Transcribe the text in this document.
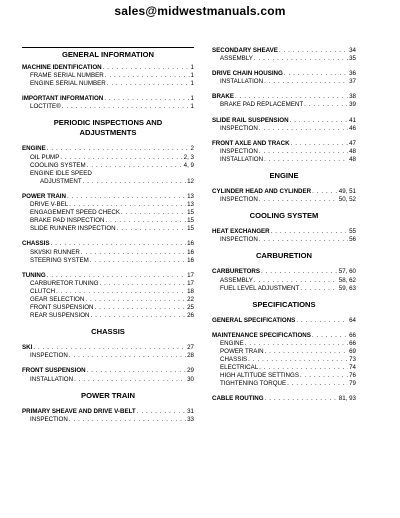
sales@midwestmanuals.com
GENERAL INFORMATION
MACHINE IDENTIFICATION . . .	1
FRAME SERIAL NUMBER . . .	1
ENGINE SERIAL NUMBER . . .	1
IMPORTANT INFORMATION . . .	1
LOCTITE® . . .	1
PERIODIC INSPECTIONS AND
ADJUSTMENTS
ENGINE . . .	2
OIL PUMP . . .	2, 3
COOLING SYSTEM . . .	4, 9
ENGINE IDLE SPEED
ADJUSTMENT . . .	12
POWER TRAIN . . .	13
DRIVE V-BEL . . .	13
ENGAGEMENT SPEED CHECK . . .	15
BRAKE PAD INSPECTION . . .	15
SLIDE RUNNER INSPECTION . . .	15
CHASSIS . . .	16
SKI/SKI RUNNER . . .	16
STEERING SYSTEM . . .	16
TUNING . . .	17
CARBURETOR TUNING . . .	17
CLUTCH . . .	18
GEAR SELECTION . . .	22
FRONT SUSPENSION . . .	25
REAR SUSPENSION . . .	26
CHASSIS
SKI . . .	27
INSPECTION . . .	28
FRONT SUSPENSION . . .	29
INSTALLATION . . .	30
POWER TRAIN
PRIMARY SHEAVE AND DRIVE V-BELT . . .	31
INSPECTION . . .	33
SECONDARY SHEAVE . . .	34
ASSEMBLY . . .	35
DRIVE CHAIN HOUSING . . .	36
INSTALLATION . . .	37
BRAKE . . .	38
BRAKE PAD REPLACEMENT . . .	39
SLIDE RAIL SUSPENSION . . .	41
INSPECTION . . .	46
FRONT AXLE AND TRACK . . .	47
INSPECTION . . .	48
INSTALLATION . . .	48
ENGINE
CYLINDER HEAD AND CYLINDER . . .	49, 51
INSPECTION . . .	50, 52
COOLING SYSTEM
HEAT EXCHANGER . . .	55
INSPECTION . . .	56
CARBURETION
CARBURETORS . . .	57, 60
ASSEMBLY . . .	58, 62
FUEL LEVEL ADJUSTMENT . . .	59, 63
SPECIFICATIONS
GENERAL SPECIFICATIONS . . .	64
MAINTENANCE SPECIFICATIONS . . .	66
ENGINE . . .	66
POWER TRAIN . . .	69
CHASSIS . . .	73
ELECTRICAL . . .	74
HIGH ALTITUDE SETTINGS . . .	76
TIGHTENING TORQUE . . .	79
CABLE ROUTING . . .	81, 93
